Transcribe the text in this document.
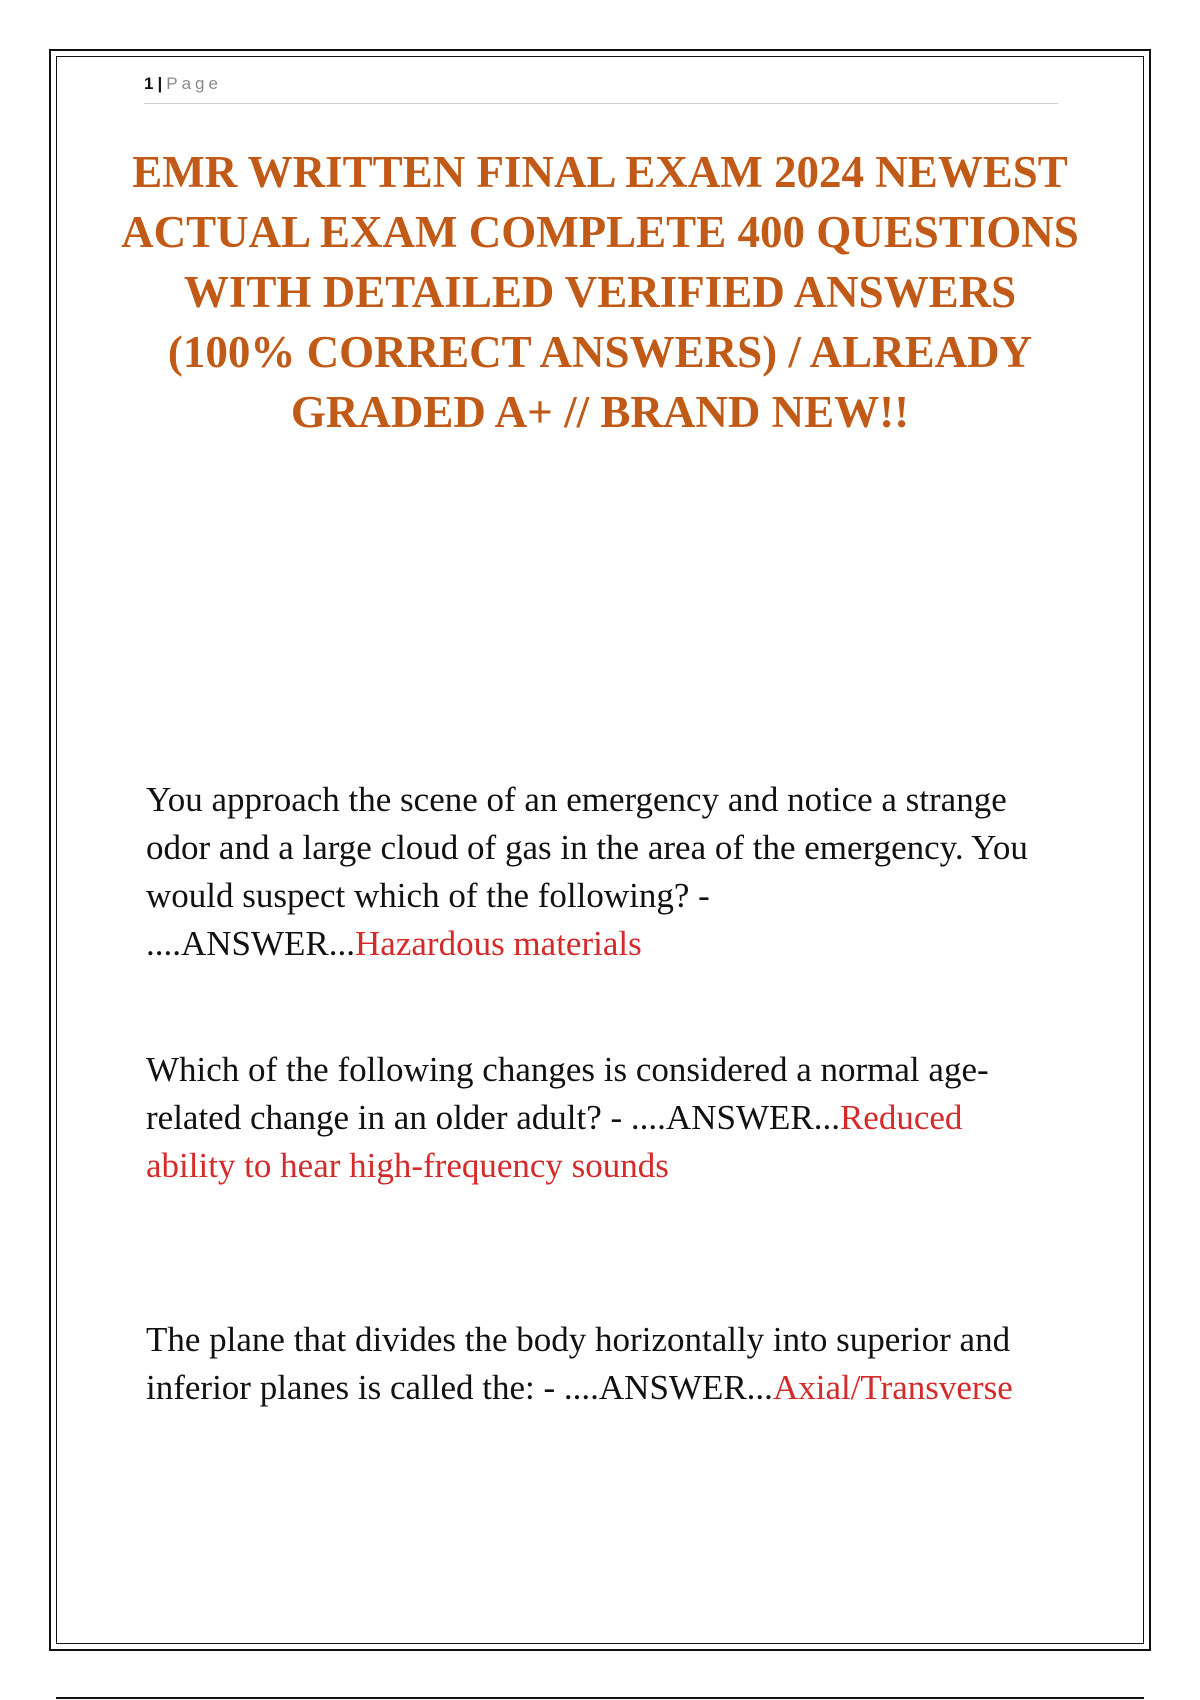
1 | Page
EMR WRITTEN FINAL EXAM 2024 NEWEST ACTUAL EXAM COMPLETE 400 QUESTIONS WITH DETAILED VERIFIED ANSWERS (100% CORRECT ANSWERS) / ALREADY GRADED A+ // BRAND NEW!!

You approach the scene of an emergency and notice a strange odor and a large cloud of gas in the area of the emergency. You would suspect which of the following? - ....ANSWER...Hazardous materials

Which of the following changes is considered a normal age-related change in an older adult? - ....ANSWER...Reduced ability to hear high-frequency sounds

The plane that divides the body horizontally into superior and inferior planes is called the: - ....ANSWER...Axial/Transverse
